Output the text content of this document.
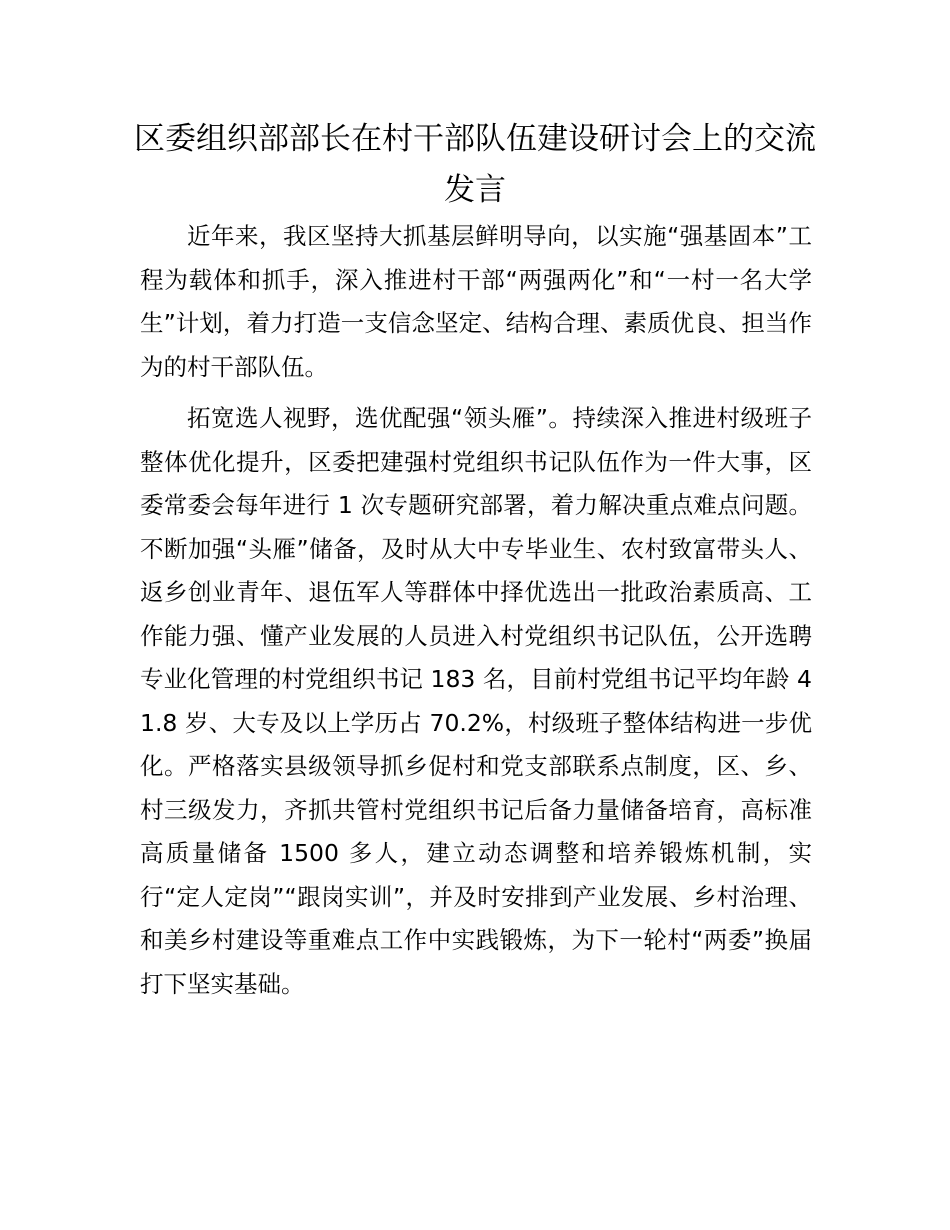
区委组织部部长在村干部队伍建设研讨会上的交流发言

近年来，我区坚持大抓基层鲜明导向，以实施“强基固本”工程为载体和抓手，深入推进村干部“两强两化”和“一村一名大学生”计划，着力打造一支信念坚定、结构合理、素质优良、担当作为的村干部队伍。

拓宽选人视野，选优配强“领头雁”。持续深入推进村级班子整体优化提升，区委把建强村党组织书记队伍作为一件大事，区委常委会每年进行 1 次专题研究部署，着力解决重点难点问题。不断加强“头雁”储备，及时从大中专毕业生、农村致富带头人、返乡创业青年、退伍军人等群体中择优选出一批政治素质高、工作能力强、懂产业发展的人员进入村党组织书记队伍，公开选聘专业化管理的村党组织书记 183 名，目前村党组书记平均年龄 41.8 岁、大专及以上学历占 70.2%，村级班子整体结构进一步优化。严格落实县级领导抓乡促村和党支部联系点制度，区、乡、村三级发力，齐抓共管村党组织书记后备力量储备培育，高标准高质量储备 1500 多人，建立动态调整和培养锻炼机制，实行“定人定岗”“跟岗实训”，并及时安排到产业发展、乡村治理、和美乡村建设等重难点工作中实践锻炼，为下一轮村“两委”换届打下坚实基础。
